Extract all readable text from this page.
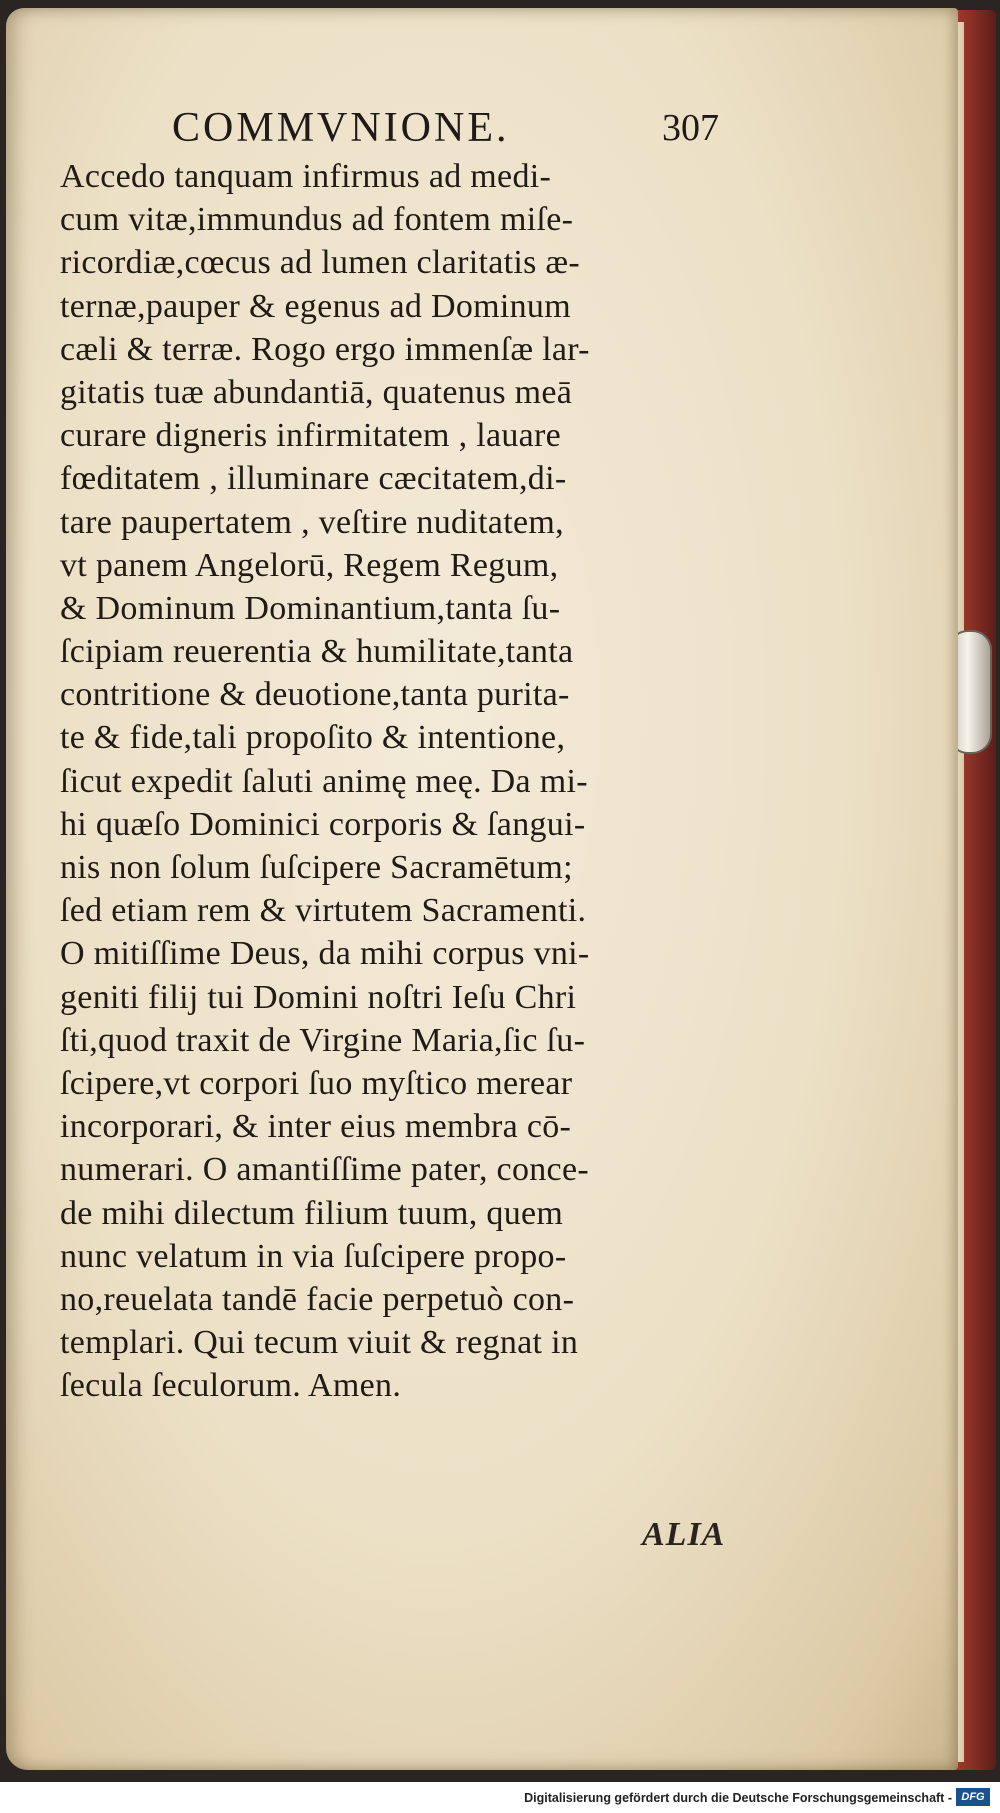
COMMVNIONE.	307
Accedo tanquam infirmus ad medi-
cum vitæ,immundus ad fontem miſe-
ricordiæ,cœcus ad lumen claritatis æ-
ternæ,pauper & egenus ad Dominum
cæli & terræ. Rogo ergo immenſæ lar-
gitatis tuæ abundantiā, quatenus meā
curare digneris infirmitatem , lauare
fœditatem , illuminare cæcitatem,di-
tare paupertatem , veſtire nuditatem,
vt panem Angelorū, Regem Regum,
& Dominum Dominantium,tanta ſu-
ſcipiam reuerentia & humilitate,tanta
contritione & deuotione,tanta purita-
te & fide,tali propoſito & intentione,
ſicut expedit ſaluti animę meę. Da mi-
hi quæſo Dominici corporis & ſangui-
nis non ſolum ſuſcipere Sacramētum;
ſed etiam rem & virtutem Sacramenti.
O mitiſſime Deus, da mihi corpus vni-
geniti filij tui Domini noſtri Ieſu Chri
ſti,quod traxit de Virgine Maria,ſic ſu-
ſcipere,vt corpori ſuo myſtico merear
incorporari, & inter eius membra cō-
numerari. O amantiſſime pater, conce-
de mihi dilectum filium tuum, quem
nunc velatum in via ſuſcipere propo-
no,reuelata tandē facie perpetuò con-
templari. Qui tecum viuit & regnat in
ſecula ſeculorum. Amen.
ALIA
Digitalisierung gefördert durch die Deutsche Forschungsgemeinschaft - DFG
